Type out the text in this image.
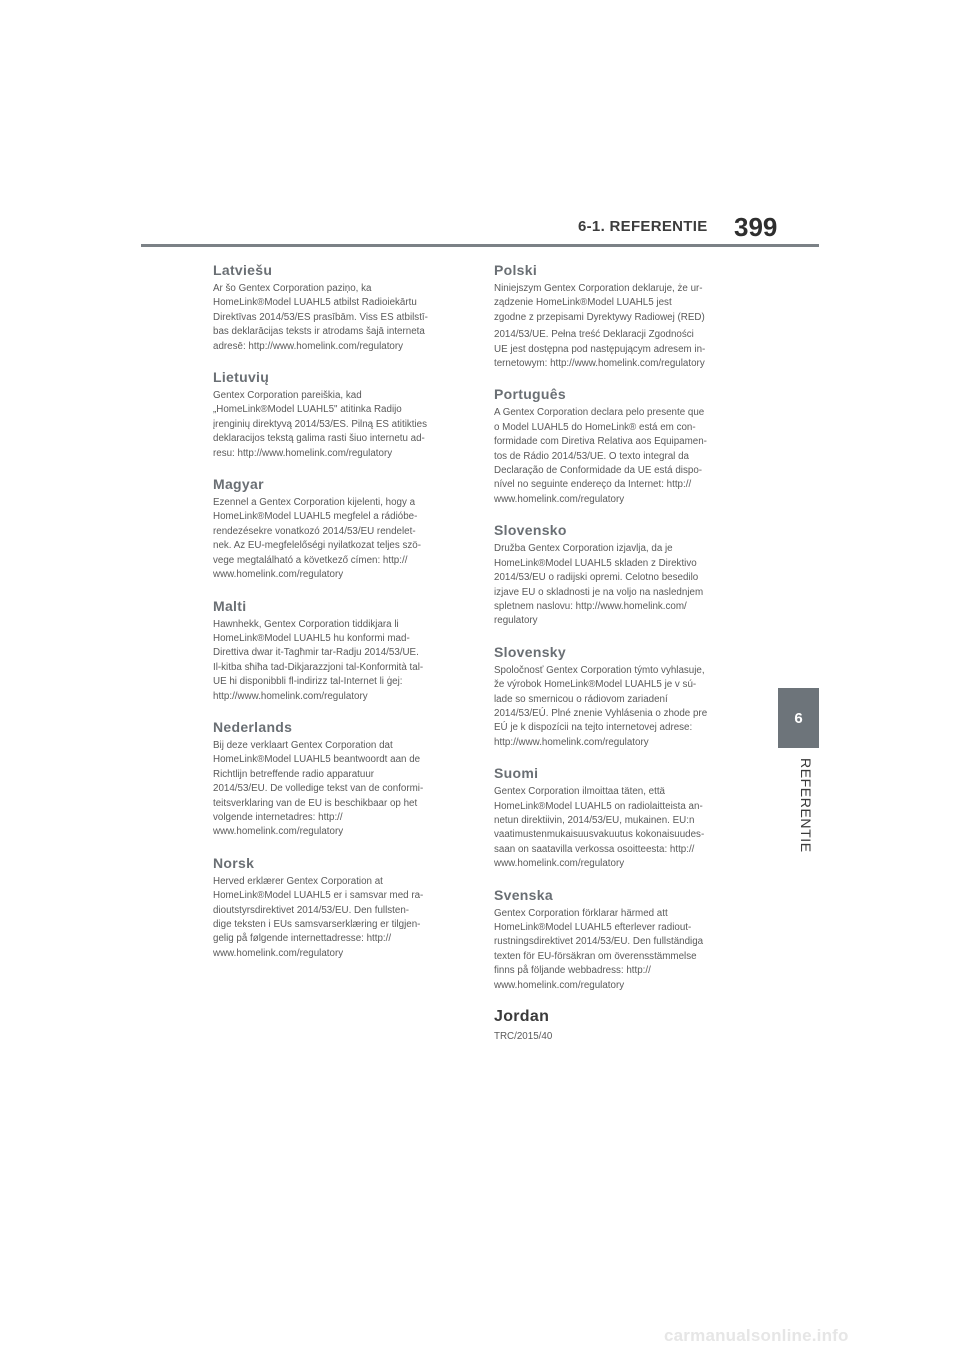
6-1. REFERENTIE 399
6
REFERENTIE
Latviešu

Ar šo Gentex Corporation paziņo, ka
HomeLink®Model LUAHL5 atbilst Radioiekārtu
Direktīvas 2014/53/ES prasībām. Viss ES atbilstī-
bas deklarācijas teksts ir atrodams šajā interneta
adresē: http://www.homelink.com/regulatory

Lietuvių

Gentex Corporation pareiškia, kad
„HomeLink®Model LUAHL5" atitinka Radijo
įrenginių direktyvą 2014/53/ES. Pilną ES atitikties
deklaracijos tekstą galima rasti šiuo internetu ad-
resu: http://www.homelink.com/regulatory

Magyar

Ezennel a Gentex Corporation kijelenti, hogy a
HomeLink®Model LUAHL5 megfelel a rádióbe-
rendezésekre vonatkozó 2014/53/EU rendelet-
nek. Az EU-megfelelőségi nyilatkozat teljes szö-
vege megtalálható a következő címen: http://
www.homelink.com/regulatory

Malti

Hawnhekk, Gentex Corporation tiddikjara li
HomeLink®Model LUAHL5 hu konformi mad-
Direttiva dwar it-Tagħmir tar-Radju 2014/53/UE.
Il-kitba sħiħa tad-Dikjarazzjoni tal-Konformità tal-
UE hi disponibbli fl-indirizz tal-Internet li ġej:
http://www.homelink.com/regulatory

Nederlands

Bij deze verklaart Gentex Corporation dat
HomeLink®Model LUAHL5 beantwoordt aan de
Richtlijn betreffende radio apparatuur
2014/53/EU. De volledige tekst van de conformi-
teitsverklaring van de EU is beschikbaar op het
volgende internetadres: http://
www.homelink.com/regulatory

Norsk

Herved erklærer Gentex Corporation at
HomeLink®Model LUAHL5 er i samsvar med ra-
dioutstyrsdirektivet 2014/53/EU. Den fullsten-
dige teksten i EUs samsvarserklæring er tilgjen-
gelig på følgende internettadresse: http://
www.homelink.com/regulatory

Polski

Niniejszym Gentex Corporation deklaruje, że ur-
ządzenie HomeLink®Model LUAHL5 jest
zgodne z przepisami Dyrektywy Radiowej (RED)

2014/53/UE. Pełna treść Deklaracji Zgodności
UE jest dostępna pod następującym adresem in-
ternetowym: http://www.homelink.com/regulatory

Português

A Gentex Corporation declara pelo presente que
o Model LUAHL5 do HomeLink® está em con-
formidade com Diretiva Relativa aos Equipamen-
tos de Rádio 2014/53/UE. O texto integral da
Declaração de Conformidade da UE está dispo-
nível no seguinte endereço da Internet: http://
www.homelink.com/regulatory

Slovensko

Družba Gentex Corporation izjavlja, da je
HomeLink®Model LUAHL5 skladen z Direktivo
2014/53/EU o radijski opremi. Celotno besedilo
izjave EU o skladnosti je na voljo na naslednjem
spletnem naslovu: http://www.homelink.com/
regulatory

Slovensky

Spoločnosť Gentex Corporation týmto vyhlasuje,
že výrobok HomeLink®Model LUAHL5 je v sú-
lade so smernicou o rádiovom zariadení
2014/53/EÚ. Plné znenie Vyhlásenia o zhode pre
EÚ je k dispozícii na tejto internetovej adrese:
http://www.homelink.com/regulatory

Suomi

Gentex Corporation ilmoittaa täten, että
HomeLink®Model LUAHL5 on radiolaitteista an-
netun direktiivin, 2014/53/EU, mukainen. EU:n
vaatimustenmukaisuusvakuutus kokonaisuudes-
saan on saatavilla verkossa osoitteesta: http://
www.homelink.com/regulatory

Svenska

Gentex Corporation förklarar härmed att
HomeLink®Model LUAHL5 efterlever radiout-
rustningsdirektivet 2014/53/EU. Den fullständiga
texten för EU-försäkran om överensstämmelse
finns på följande webbadress: http://
www.homelink.com/regulatory

Jordan

TRC/2015/40

carmanualsonline.info
